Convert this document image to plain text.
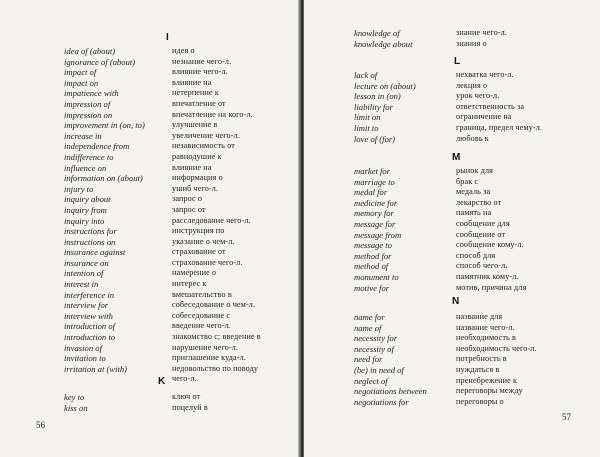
I
idea of (about)
ignorance of (about)
impact of
impact on
impatience with
impression of
impression on
improvement in (on, to)
increase in
independence from
indifference to
influence on
information on (about)
injury to
inquiry about
inquiry from
inquiry into
instructions for
instructions on
insurance against
insurance on
intention of
interest in
interference in
interview for
interview with
introduction of
introduction to
invasion of
invitation to
irritation at (with)
идея о
незнание чего-л.
влияние чего-л.
влияние на
нетерпение к
впечатление от
впечатление на кого-л.
улучшение в
увеличение чего-л.
независимость от
равнодушие к
влияние на
информация о
ушиб чего-л.
запрос о
запрос от
расследование чего-л.
инструкция по
указание о чем-л.
страхование от
страхование чего-л.
намерение о
интерес к
вмешательство в
собеседование о чем-л.
собеседование с
введение чего-л.
знакомство с; введение в
нарушение чего-л.
приглашение куда-л.
недовольство по поводу
чего-л.
K
key to
kiss on
ключ от
поцелуй в
56
knowledge of
knowledge about
знание чего-л.
знания о
L
lack of
lecture on (about)
lesson in (on)
liability for
limit on
limit to
love of (for)
нехватка чего-л.
лекция о
урок чего-л.
ответственность за
ограничение на
граница, предел чему-л.
любовь к
M
market for
marriage to
medal for
medicine for
memory for
message for
message from
message to
method for
method of
monument to
motive for
рынок для
брак с
медаль за
лекарство от
память на
сообщение для
сообщение от
сообщение кому-л.
способ для
способ чего-л.
памятник кому-л.
мотив, причина для
N
name for
name of
necessity for
necessity of
need for
(be) in need of
neglect of
negotiations between
negotiations for
название для
название чего-л.
необходимость в
необходимость чего-л.
потребность в
нуждаться в
пренебрежение к
переговоры между
переговоры о
57
